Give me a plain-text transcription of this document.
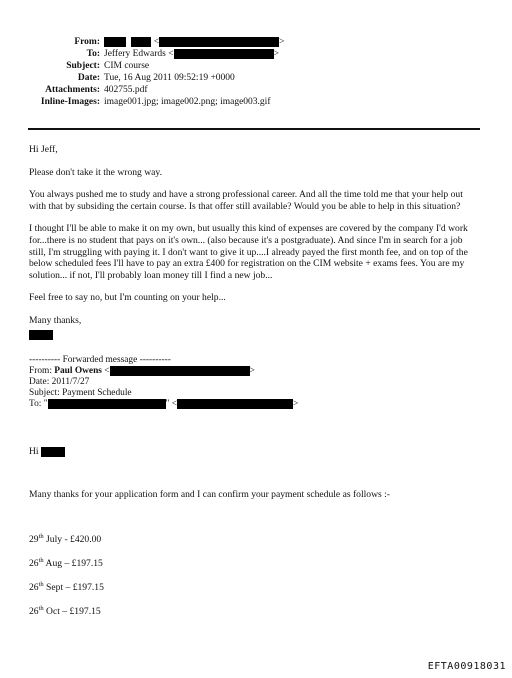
From:	<	>
To: Jeffery Edwards <	>
Subject: CIM course
Date: Tue, 16 Aug 2011 09:52:19 +0000
Attachments: 402755.pdf
Inline-Images: image001.jpg; image002.png; image003.gif

Hi Jeff,

Please don't take it the wrong way.

You always pushed me to study and have a strong professional career. And all the time told me that your help out with that by subsiding the certain course. Is that offer still available? Would you be able to help in this situation?

I thought I'll be able to make it on my own, but usually this kind of expenses are covered by the company I'd work for...there is no student that pays on it's own... (also because it's a postgraduate). And since I'm in search for a job still, I'm struggling with paying it. I don't want to give it up....I already payed the first month fee, and on top of the below scheduled fees I'll have to pay an extra £400 for registration on the CIM website + exams fees. You are my solution... if not, I'll probably loan money till I find a new job...

Feel free to say no, but I'm counting on your help...

Many thanks,

---------- Forwarded message ----------

From: Paul Owens <	>

Date: 2011/7/27

Subject: Payment Schedule

To: "	" <	>

Hi
Many thanks for your application form and I can confirm your payment schedule as follows :-
29th July - £420.00
26th Aug – £197.15
26th Sept – £197.15
26th Oct – £197.15
EFTA00918031
